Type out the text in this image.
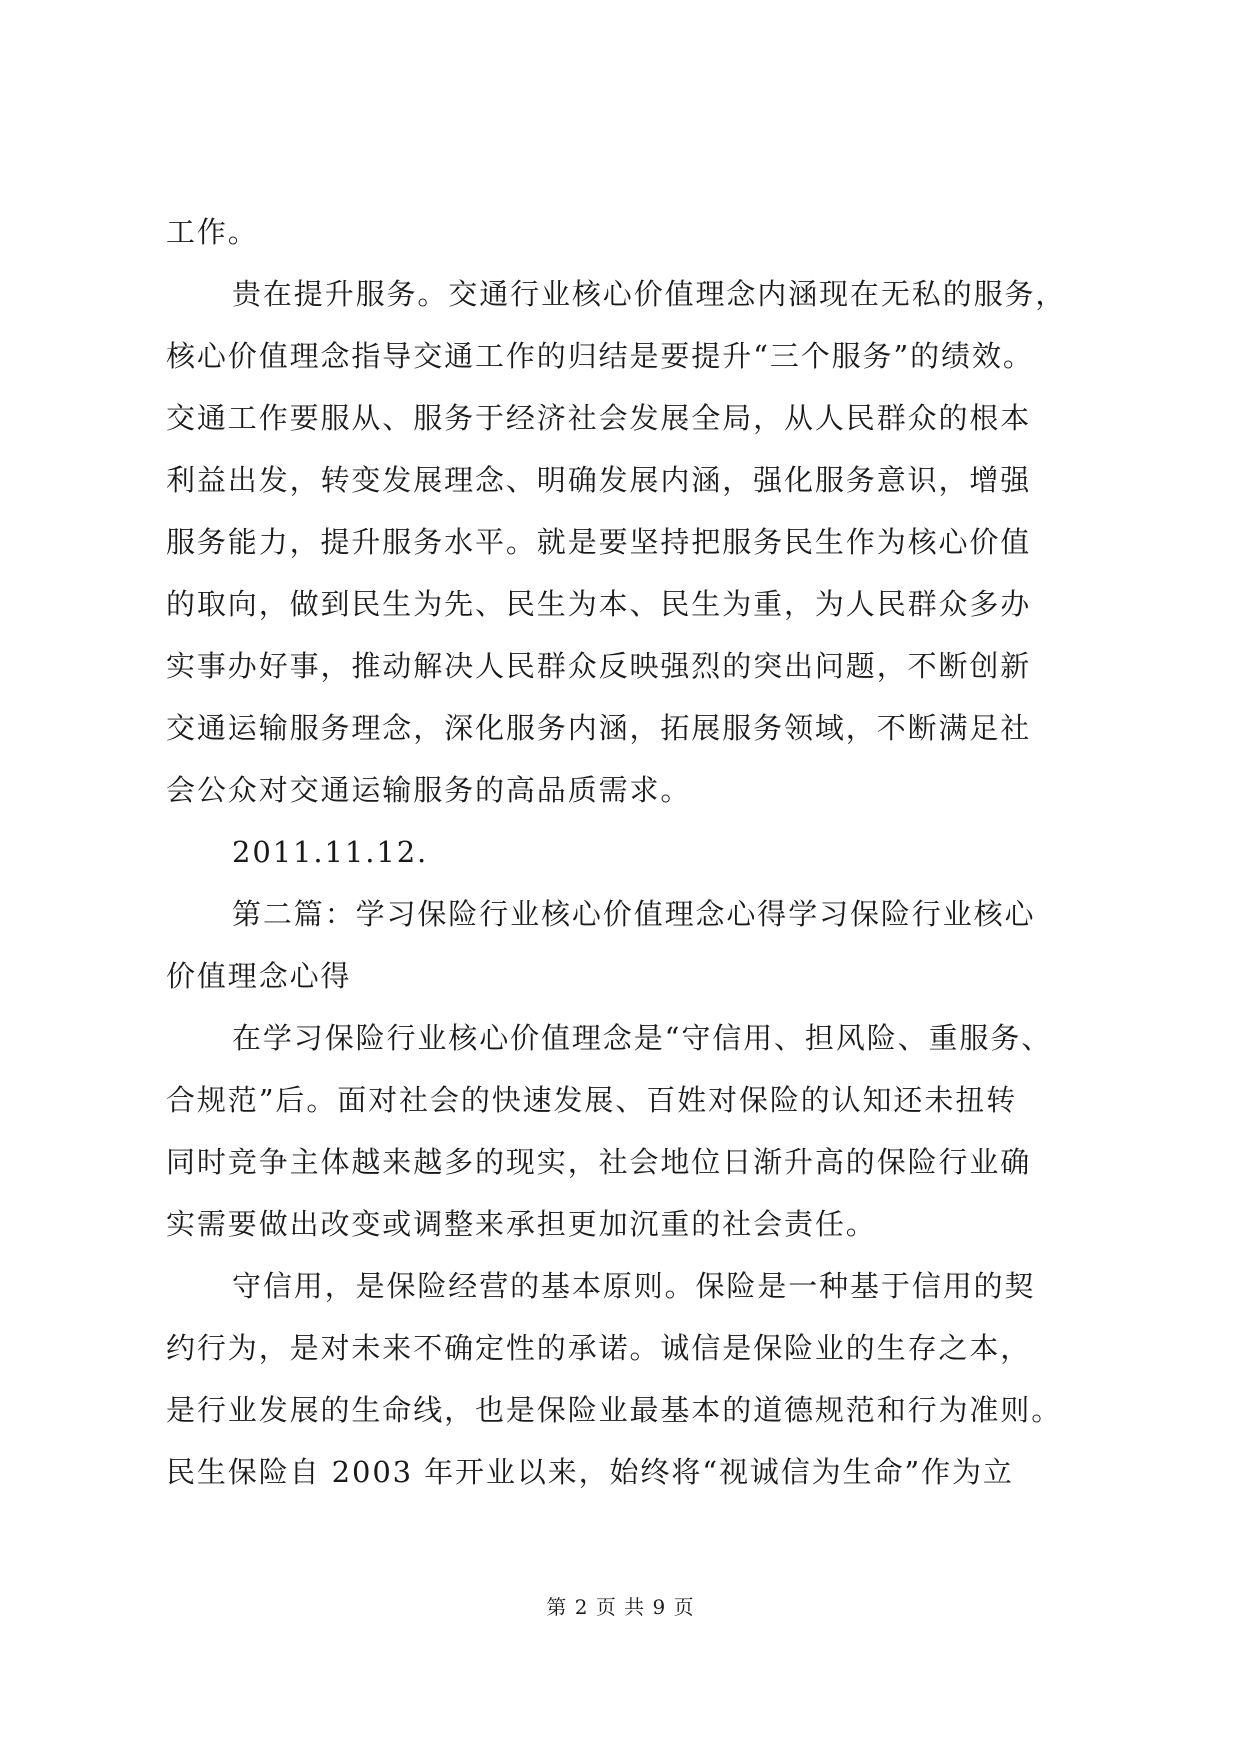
工作。
贵在提升服务。交通行业核心价值理念内涵现在无私的服务，
核心价值理念指导交通工作的归结是要提升“三个服务”的绩效。
交通工作要服从、服务于经济社会发展全局，从人民群众的根本
利益出发，转变发展理念、明确发展内涵，强化服务意识，增强
服务能力，提升服务水平。就是要坚持把服务民生作为核心价值
的取向，做到民生为先、民生为本、民生为重，为人民群众多办
实事办好事，推动解决人民群众反映强烈的突出问题，不断创新
交通运输服务理念，深化服务内涵，拓展服务领域，不断满足社
会公众对交通运输服务的高品质需求。
2011.11.12.
第二篇：学习保险行业核心价值理念心得学习保险行业核心
价值理念心得
在学习保险行业核心价值理念是“守信用、担风险、重服务、
合规范”后。面对社会的快速发展、百姓对保险的认知还未扭转
同时竞争主体越来越多的现实，社会地位日渐升高的保险行业确
实需要做出改变或调整来承担更加沉重的社会责任。
守信用，是保险经营的基本原则。保险是一种基于信用的契
约行为，是对未来不确定性的承诺。诚信是保险业的生存之本，
是行业发展的生命线，也是保险业最基本的道德规范和行为准则。
民生保险自 2003 年开业以来，始终将“视诚信为生命”作为立
第 2 页 共 9 页
